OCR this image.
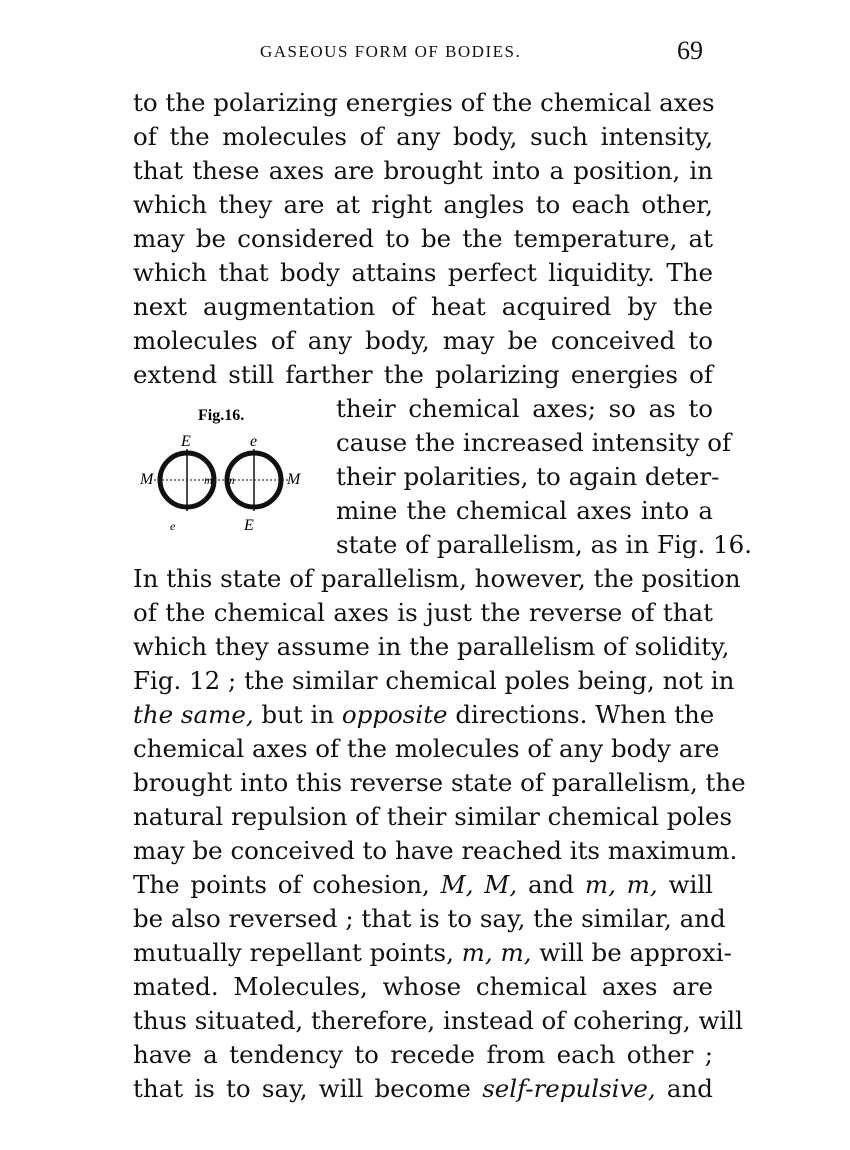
GASEOUS FORM OF BODIES.	69
to the polarizing energies of the chemical axes
of the molecules of any body, such intensity,
that these axes are brought into a position, in
which they are at right angles to each other,
may be considered to be the temperature, at
which that body attains perfect liquidity. The
next augmentation of heat acquired by the
molecules of any body, may be conceived to
extend still farther the polarizing energies of
Fig.16.
E	e
M	M
m m
e	E
their chemical axes; so as to
cause the increased intensity of
their polarities, to again deter-
mine the chemical axes into a
state of parallelism, as in Fig. 16.
In this state of parallelism, however, the position
of the chemical axes is just the reverse of that
which they assume in the parallelism of solidity,
Fig. 12 ; the similar chemical poles being, not in
the same, but in opposite directions. When the
chemical axes of the molecules of any body are
brought into this reverse state of parallelism, the
natural repulsion of their similar chemical poles
may be conceived to have reached its maximum.
The points of cohesion, M, M, and m, m, will
be also reversed ; that is to say, the similar, and
mutually repellant points, m, m, will be approxi-
mated. Molecules, whose chemical axes are
thus situated, therefore, instead of cohering, will
have a tendency to recede from each other ;
that is to say, will become self-repulsive, and
